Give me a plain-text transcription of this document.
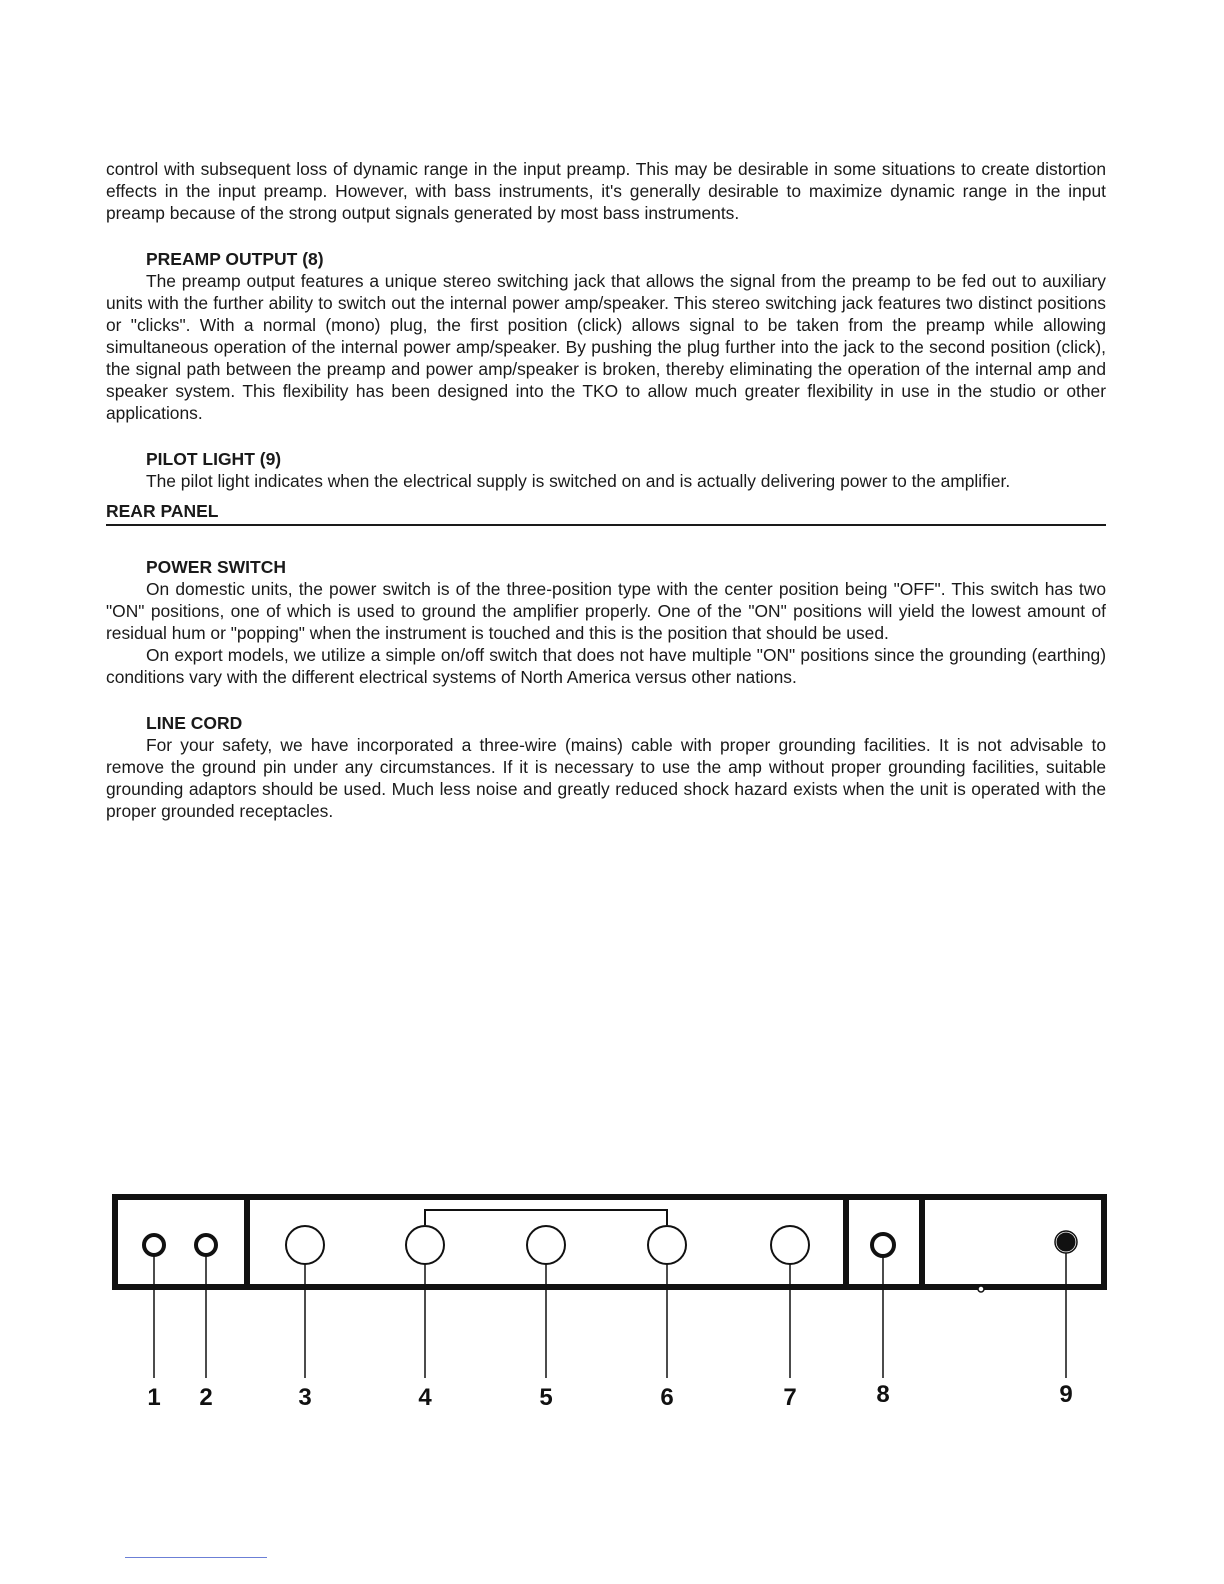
control with subsequent loss of dynamic range in the input preamp. This may be desirable in some situations to create distortion effects in the input preamp. However, with bass instruments, it's generally desirable to maximize dynamic range in the input preamp because of the strong output signals generated by most bass instruments.

PREAMP OUTPUT (8)

The preamp output features a unique stereo switching jack that allows the signal from the preamp to be fed out to auxiliary units with the further ability to switch out the internal power amp/speaker. This stereo switching jack features two distinct positions or "clicks". With a normal (mono) plug, the first position (click) allows signal to be taken from the preamp while allowing simultaneous operation of the internal power amp/speaker. By pushing the plug further into the jack to the second position (click), the signal path between the preamp and power amp/speaker is broken, thereby eliminating the operation of the internal amp and speaker system. This flexibility has been designed into the TKO to allow much greater flexibility in use in the studio or other applications.

PILOT LIGHT (9)

The pilot light indicates when the electrical supply is switched on and is actually delivering power to the amplifier.

REAR PANEL
POWER SWITCH

On domestic units, the power switch is of the three-position type with the center position being "OFF". This switch has two "ON" positions, one of which is used to ground the amplifier properly. One of the "ON" positions will yield the lowest amount of residual hum or "popping" when the instrument is touched and this is the position that should be used.

On export models, we utilize a simple on/off switch that does not have multiple "ON" positions since the grounding (earthing) conditions vary with the different electrical systems of North America versus other nations.

LINE CORD

For your safety, we have incorporated a three-wire (mains) cable with proper grounding facilities. It is not advisable to remove the ground pin under any circumstances. If it is necessary to use the amp without proper grounding facilities, suitable grounding adaptors should be used. Much less noise and greatly reduced shock hazard exists when the unit is operated with the proper grounded receptacles.

1 2	3	4	5	6	7	8	9
